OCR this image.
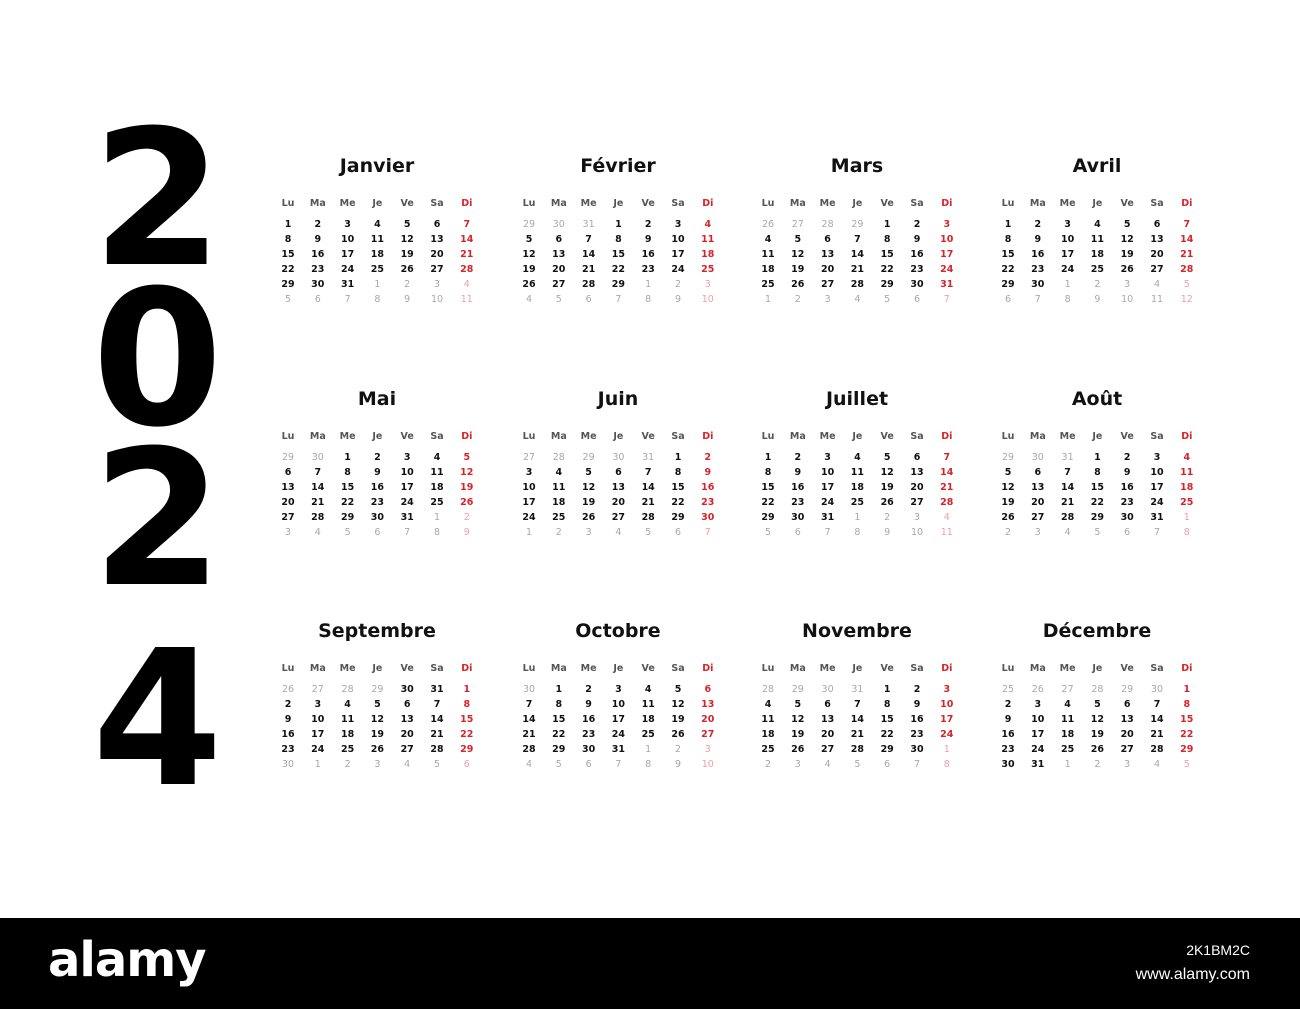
2
0
2
4
Janvier
Lu	Ma	Me	Je	Ve	Sa	Di
1	2	3	4	5	6	7
8	9	10	11	12	13	14
15	16	17	18	19	20	21
22	23	24	25	26	27	28
29	30	31	1	2	3	4
5	6	7	8	9	10	11
Février
Lu	Ma	Me	Je	Ve	Sa	Di
29	30	31	1	2	3	4
5	6	7	8	9	10	11
12	13	14	15	16	17	18
19	20	21	22	23	24	25
26	27	28	29	1	2	3
4	5	6	7	8	9	10
Mars
Lu	Ma	Me	Je	Ve	Sa	Di
26	27	28	29	1	2	3
4	5	6	7	8	9	10
11	12	13	14	15	16	17
18	19	20	21	22	23	24
25	26	27	28	29	30	31
1	2	3	4	5	6	7
Avril
Lu	Ma	Me	Je	Ve	Sa	Di
1	2	3	4	5	6	7
8	9	10	11	12	13	14
15	16	17	18	19	20	21
22	23	24	25	26	27	28
29	30	1	2	3	4	5
6	7	8	9	10	11	12
Mai
Lu	Ma	Me	Je	Ve	Sa	Di
29	30	1	2	3	4	5
6	7	8	9	10	11	12
13	14	15	16	17	18	19
20	21	22	23	24	25	26
27	28	29	30	31	1	2
3	4	5	6	7	8	9
Juin
Lu	Ma	Me	Je	Ve	Sa	Di
27	28	29	30	31	1	2
3	4	5	6	7	8	9
10	11	12	13	14	15	16
17	18	19	20	21	22	23
24	25	26	27	28	29	30
1	2	3	4	5	6	7
Juillet
Lu	Ma	Me	Je	Ve	Sa	Di
1	2	3	4	5	6	7
8	9	10	11	12	13	14
15	16	17	18	19	20	21
22	23	24	25	26	27	28
29	30	31	1	2	3	4
5	6	7	8	9	10	11
Août
Lu	Ma	Me	Je	Ve	Sa	Di
29	30	31	1	2	3	4
5	6	7	8	9	10	11
12	13	14	15	16	17	18
19	20	21	22	23	24	25
26	27	28	29	30	31	1
2	3	4	5	6	7	8
Septembre
Lu	Ma	Me	Je	Ve	Sa	Di
26	27	28	29	30	31	1
2	3	4	5	6	7	8
9	10	11	12	13	14	15
16	17	18	19	20	21	22
23	24	25	26	27	28	29
30	1	2	3	4	5	6
Octobre
Lu	Ma	Me	Je	Ve	Sa	Di
30	1	2	3	4	5	6
7	8	9	10	11	12	13
14	15	16	17	18	19	20
21	22	23	24	25	26	27
28	29	30	31	1	2	3
4	5	6	7	8	9	10
Novembre
Lu	Ma	Me	Je	Ve	Sa	Di
28	29	30	31	1	2	3
4	5	6	7	8	9	10
11	12	13	14	15	16	17
18	19	20	21	22	23	24
25	26	27	28	29	30	1
2	3	4	5	6	7	8
Décembre
Lu	Ma	Me	Je	Ve	Sa	Di
25	26	27	28	29	30	1
2	3	4	5	6	7	8
9	10	11	12	13	14	15
16	17	18	19	20	21	22
23	24	25	26	27	28	29
30	31	1	2	3	4	5
alamy	2K1BM2C
www.alamy.com
